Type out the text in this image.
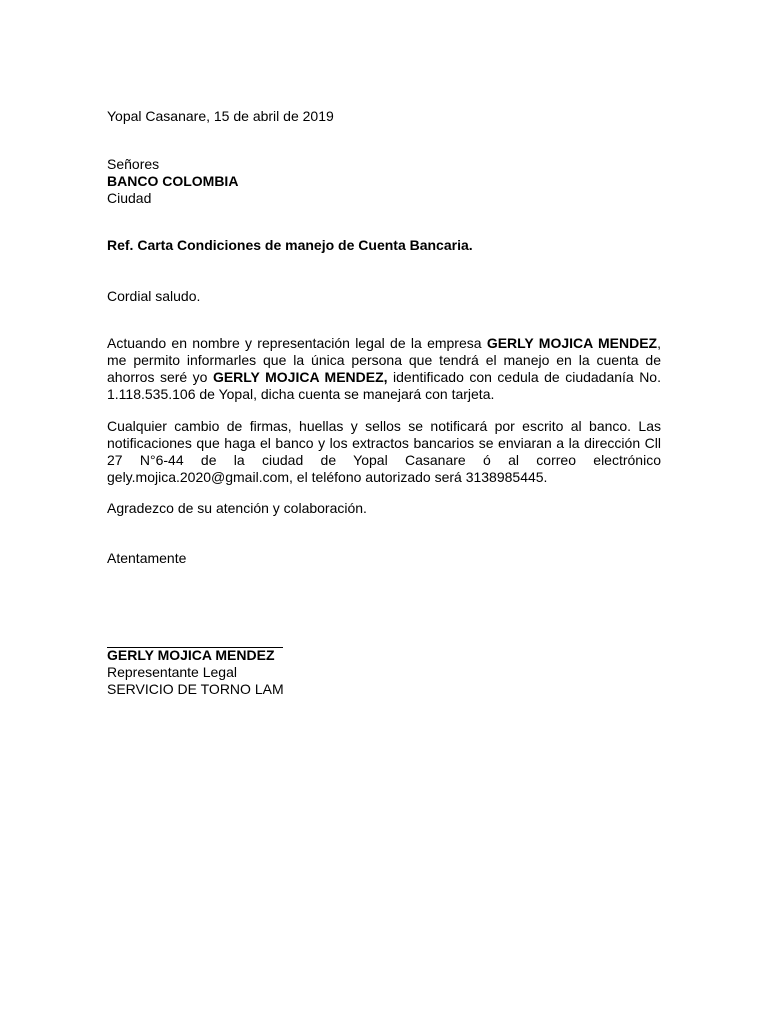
Yopal Casanare, 15 de abril de 2019
Señores
BANCO COLOMBIA
Ciudad
Ref. Carta Condiciones de manejo de Cuenta Bancaria.
Cordial saludo.

Actuando en nombre y representación legal de la empresa GERLY MOJICA MENDEZ, me permito informarles que la única persona que tendrá el manejo en la cuenta de ahorros seré yo GERLY MOJICA MENDEZ, identificado con cedula de ciudadanía No. 1.118.535.106 de Yopal, dicha cuenta se manejará con tarjeta.

Cualquier cambio de firmas, huellas y sellos se notificará por escrito al banco. Las notificaciones que haga el banco y los extractos bancarios se enviaran a la dirección Cll 27 N°6-44 de la ciudad de Yopal Casanare ó al correo electrónico gely.mojica.2020@gmail.com, el teléfono autorizado será 3138985445.

Agradezco de su atención y colaboración.
Atentamente
GERLY MOJICA MENDEZ
Representante Legal
SERVICIO DE TORNO LAM
